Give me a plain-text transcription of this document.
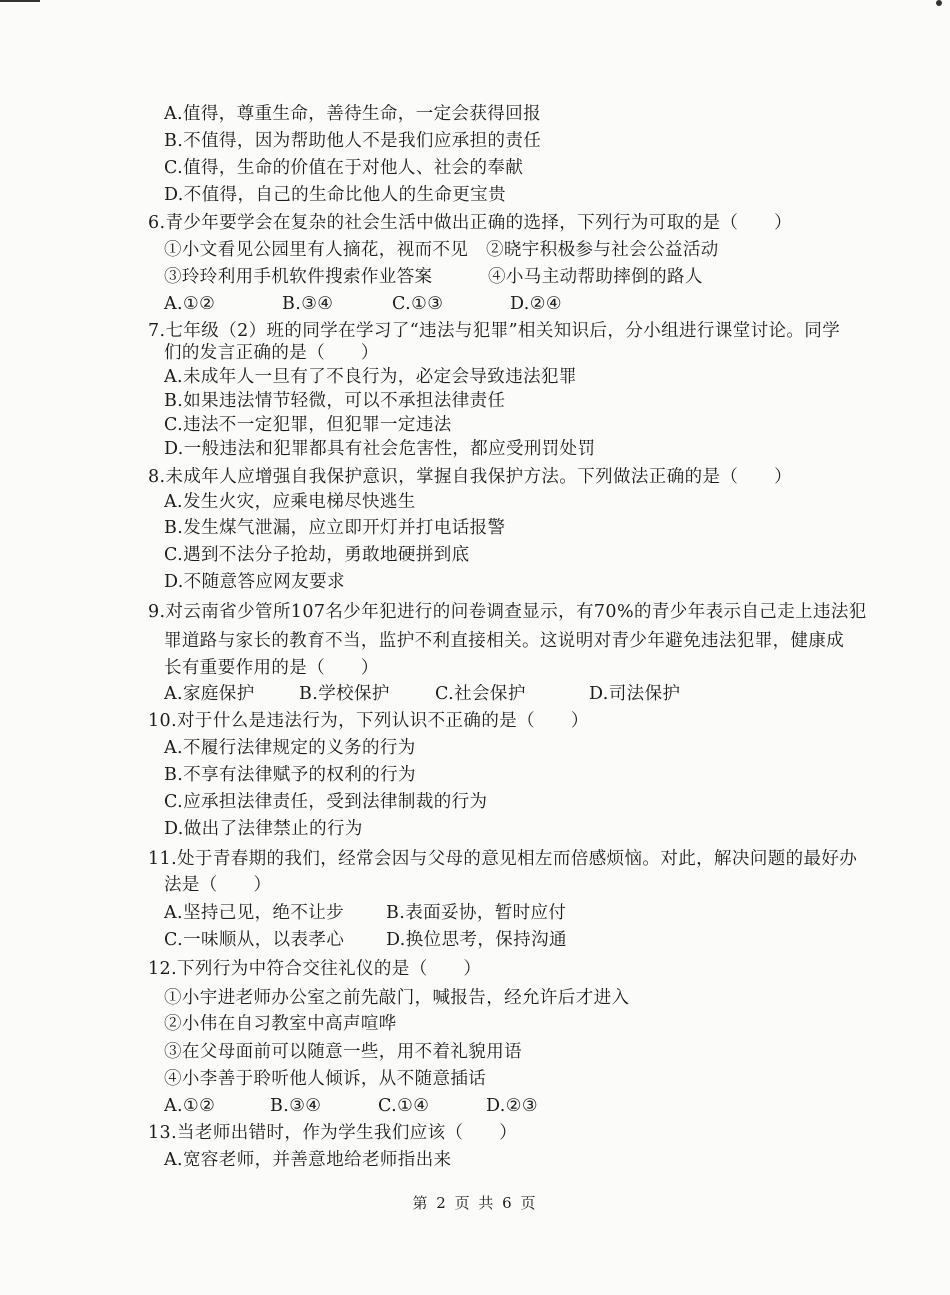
A.值得，尊重生命，善待生命，一定会获得回报
B.不值得，因为帮助他人不是我们应承担的责任
C.值得，生命的价值在于对他人、社会的奉献
D.不值得，自己的生命比他人的生命更宝贵
6.青少年要学会在复杂的社会生活中做出正确的选择，下列行为可取的是（　　）
①小文看见公园里有人摘花，视而不见	②晓宇积极参与社会公益活动
③玲玲利用手机软件搜索作业答案	④小马主动帮助摔倒的路人
A.①②	B.③④	C.①③	D.②④
7.七年级（2）班的同学在学习了“违法与犯罪”相关知识后，分小组进行课堂讨论。同学
们的发言正确的是（　　）
A.未成年人一旦有了不良行为，必定会导致违法犯罪
B.如果违法情节轻微，可以不承担法律责任
C.违法不一定犯罪，但犯罪一定违法
D.一般违法和犯罪都具有社会危害性，都应受刑罚处罚
8.未成年人应增强自我保护意识，掌握自我保护方法。下列做法正确的是（　　）
A.发生火灾，应乘电梯尽快逃生
B.发生煤气泄漏，应立即开灯并打电话报警
C.遇到不法分子抢劫，勇敢地硬拼到底
D.不随意答应网友要求
9.对云南省少管所107名少年犯进行的问卷调查显示，有70%的青少年表示自己走上违法犯
罪道路与家长的教育不当，监护不利直接相关。这说明对青少年避免违法犯罪，健康成
长有重要作用的是（　　）
A.家庭保护	B.学校保护	C.社会保护	D.司法保护
10.对于什么是违法行为，下列认识不正确的是（　　）
A.不履行法律规定的义务的行为
B.不享有法律赋予的权利的行为
C.应承担法律责任，受到法律制裁的行为
D.做出了法律禁止的行为
11.处于青春期的我们，经常会因与父母的意见相左而倍感烦恼。对此，解决问题的最好办
法是（　　）
A.坚持己见，绝不让步	B.表面妥协，暂时应付
C.一味顺从，以表孝心	D.换位思考，保持沟通
12.下列行为中符合交往礼仪的是（　　）
①小宇进老师办公室之前先敲门，喊报告，经允许后才进入
②小伟在自习教室中高声喧哗
③在父母面前可以随意一些，用不着礼貌用语
④小李善于聆听他人倾诉，从不随意插话
A.①②	B.③④	C.①④	D.②③
13.当老师出错时，作为学生我们应该（　　）
A.宽容老师，并善意地给老师指出来
第 2 页 共 6 页
